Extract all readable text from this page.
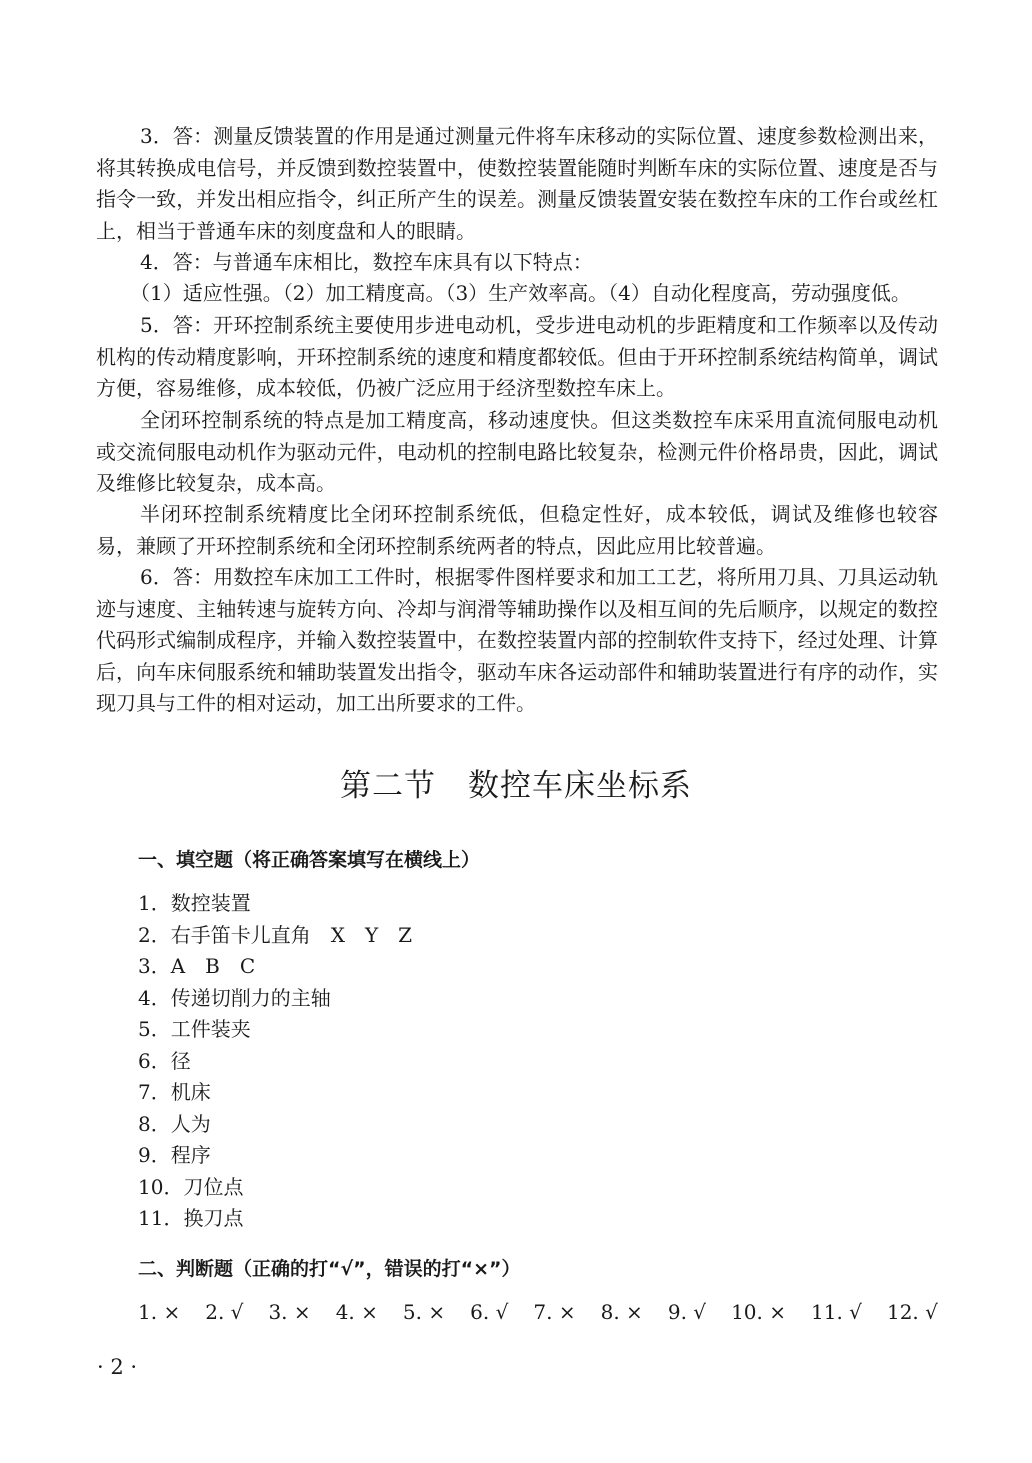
3．答：测量反馈装置的作用是通过测量元件将车床移动的实际位置、速度参数检测出来，将其转换成电信号，并反馈到数控装置中，使数控装置能随时判断车床的实际位置、速度是否与指令一致，并发出相应指令，纠正所产生的误差。测量反馈装置安装在数控车床的工作台或丝杠上，相当于普通车床的刻度盘和人的眼睛。

4．答：与普通车床相比，数控车床具有以下特点：

（1）适应性强。（2）加工精度高。（3）生产效率高。（4）自动化程度高，劳动强度低。

5．答：开环控制系统主要使用步进电动机，受步进电动机的步距精度和工作频率以及传动机构的传动精度影响，开环控制系统的速度和精度都较低。但由于开环控制系统结构简单，调试方便，容易维修，成本较低，仍被广泛应用于经济型数控车床上。

全闭环控制系统的特点是加工精度高，移动速度快。但这类数控车床采用直流伺服电动机或交流伺服电动机作为驱动元件，电动机的控制电路比较复杂，检测元件价格昂贵，因此，调试及维修比较复杂，成本高。

半闭环控制系统精度比全闭环控制系统低，但稳定性好，成本较低，调试及维修也较容易，兼顾了开环控制系统和全闭环控制系统两者的特点，因此应用比较普遍。

6．答：用数控车床加工工件时，根据零件图样要求和加工工艺，将所用刀具、刀具运动轨迹与速度、主轴转速与旋转方向、冷却与润滑等辅助操作以及相互间的先后顺序，以规定的数控代码形式编制成程序，并输入数控装置中，在数控装置内部的控制软件支持下，经过处理、计算后，向车床伺服系统和辅助装置发出指令，驱动车床各运动部件和辅助装置进行有序的动作，实现刀具与工件的相对运动，加工出所要求的工件。

第二节　数控车床坐标系
一、填空题（将正确答案填写在横线上）
1．数控装置
2．右手笛卡儿直角　X　Y　Z
3．A　B　C
4．传递切削力的主轴
5．工件装夹
6．径
7．机床
8．人为
9．程序
10．刀位点
11．换刀点
二、判断题（正确的打“√”，错误的打“×”）
1. × 2. √ 3. × 4. × 5. × 6. √ 7. × 8. × 9. √ 10. × 11. √ 12. √
· 2 ·
